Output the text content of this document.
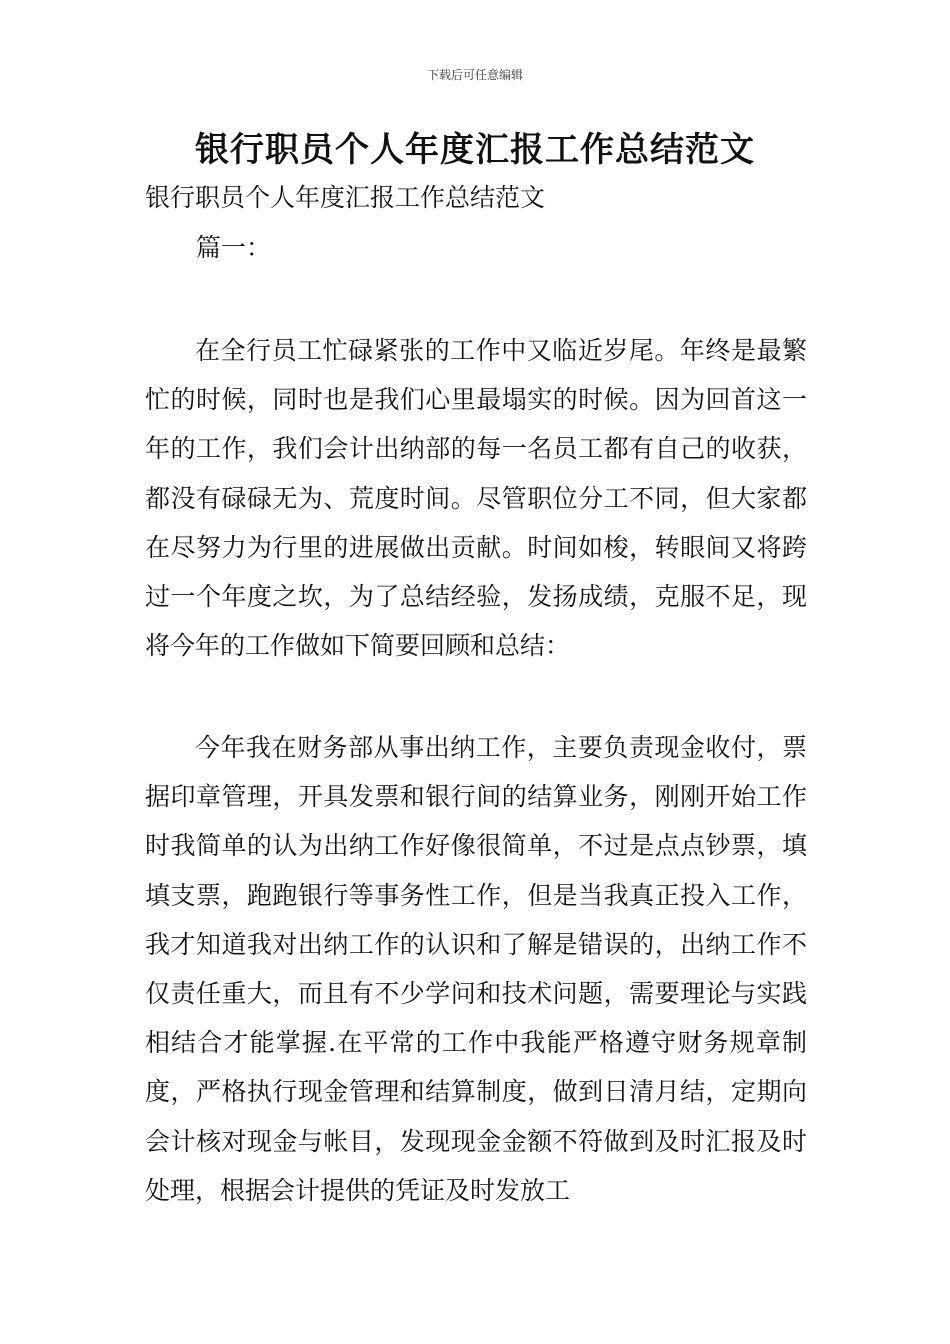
下载后可任意编辑
银行职员个人年度汇报工作总结范文
银行职员个人年度汇报工作总结范文
篇一：

在全行员工忙碌紧张的工作中又临近岁尾。年终是最繁忙的时候，同时也是我们心里最塌实的时候。因为回首这一年的工作，我们会计出纳部的每一名员工都有自己的收获，都没有碌碌无为、荒度时间。尽管职位分工不同，但大家都在尽努力为行里的进展做出贡献。时间如梭，转眼间又将跨过一个年度之坎，为了总结经验，发扬成绩，克服不足，现将今年的工作做如下简要回顾和总结：

今年我在财务部从事出纳工作，主要负责现金收付，票据印章管理，开具发票和银行间的结算业务，刚刚开始工作时我简单的认为出纳工作好像很简单，不过是点点钞票，填填支票，跑跑银行等事务性工作，但是当我真正投入工作，我才知道我对出纳工作的认识和了解是错误的，出纳工作不仅责任重大，而且有不少学问和技术问题，需要理论与实践相结合才能掌握.在平常的工作中我能严格遵守财务规章制度，严格执行现金管理和结算制度，做到日清月结，定期向会计核对现金与帐目，发现现金金额不符做到及时汇报及时处理，根据会计提供的凭证及时发放工
